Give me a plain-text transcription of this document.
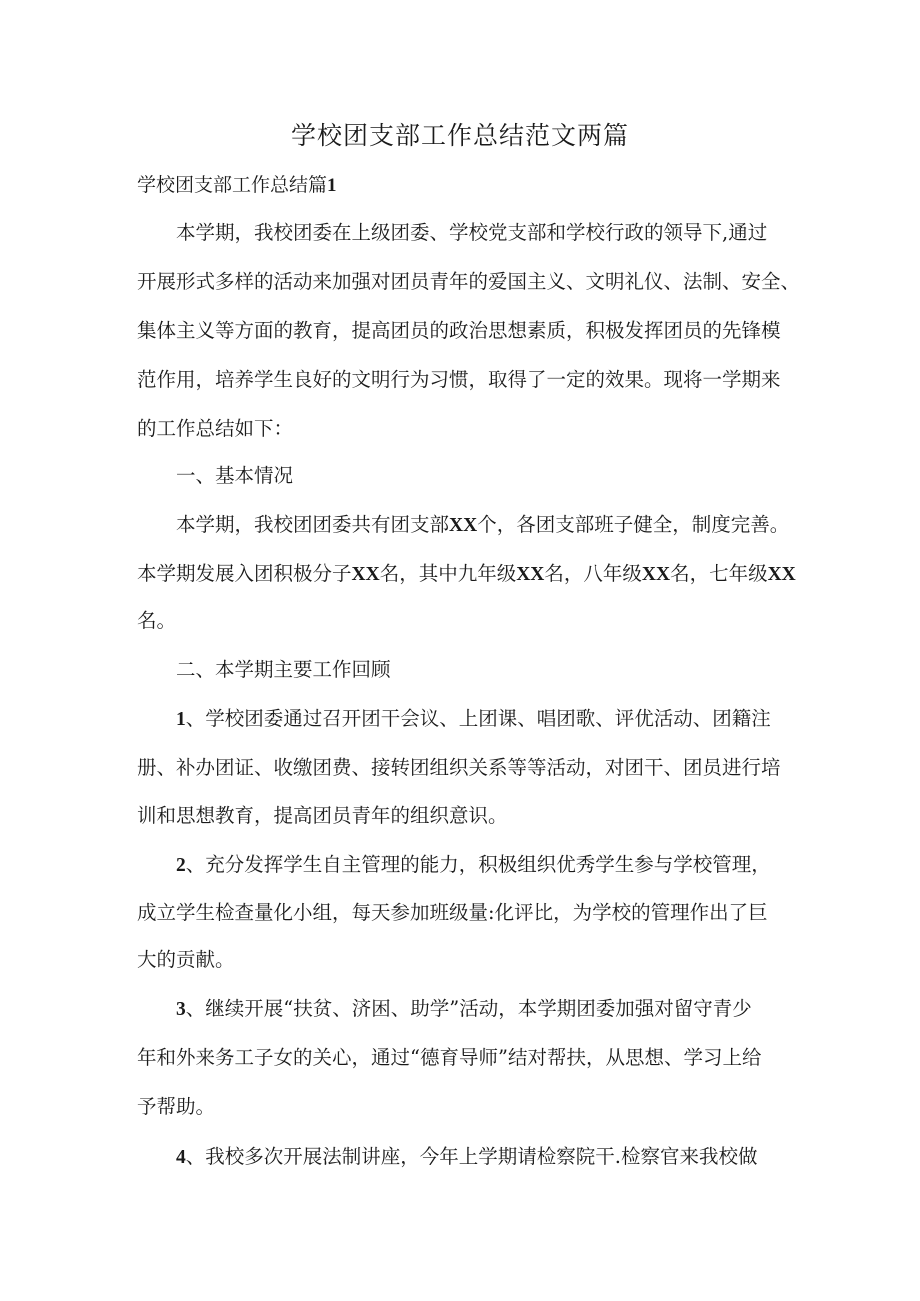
学校团支部工作总结范文两篇
学校团支部工作总结篇1
本学期，我校团委在上级团委、学校党支部和学校行政的领导下,通过
开展形式多样的活动来加强对团员青年的爱国主义、文明礼仪、法制、安全、
集体主义等方面的教育，提高团员的政治思想素质，积极发挥团员的先锋模
范作用，培养学生良好的文明行为习惯，取得了一定的效果。现将一学期来
的工作总结如下：
一、基本情况
本学期，我校团团委共有团支部XX个，各团支部班子健全，制度完善。
本学期发展入团积极分子XX名，其中九年级XX名，八年级XX名，七年级XX
名。
二、本学期主要工作回顾
1、学校团委通过召开团干会议、上团课、唱团歌、评优活动、团籍注
册、补办团证、收缴团费、接转团组织关系等等活动，对团干、团员进行培
训和思想教育，提高团员青年的组织意识。
2、充分发挥学生自主管理的能力，积极组织优秀学生参与学校管理，
成立学生检查量化小组，每天参加班级量:化评比，为学校的管理作出了巨
大的贡献。
3、继续开展“扶贫、济困、助学”活动，本学期团委加强对留守青少
年和外来务工子女的关心，通过“德育导师”结对帮扶，从思想、学习上给
予帮助。
4、我校多次开展法制讲座，今年上学期请检察院干.检察官来我校做
